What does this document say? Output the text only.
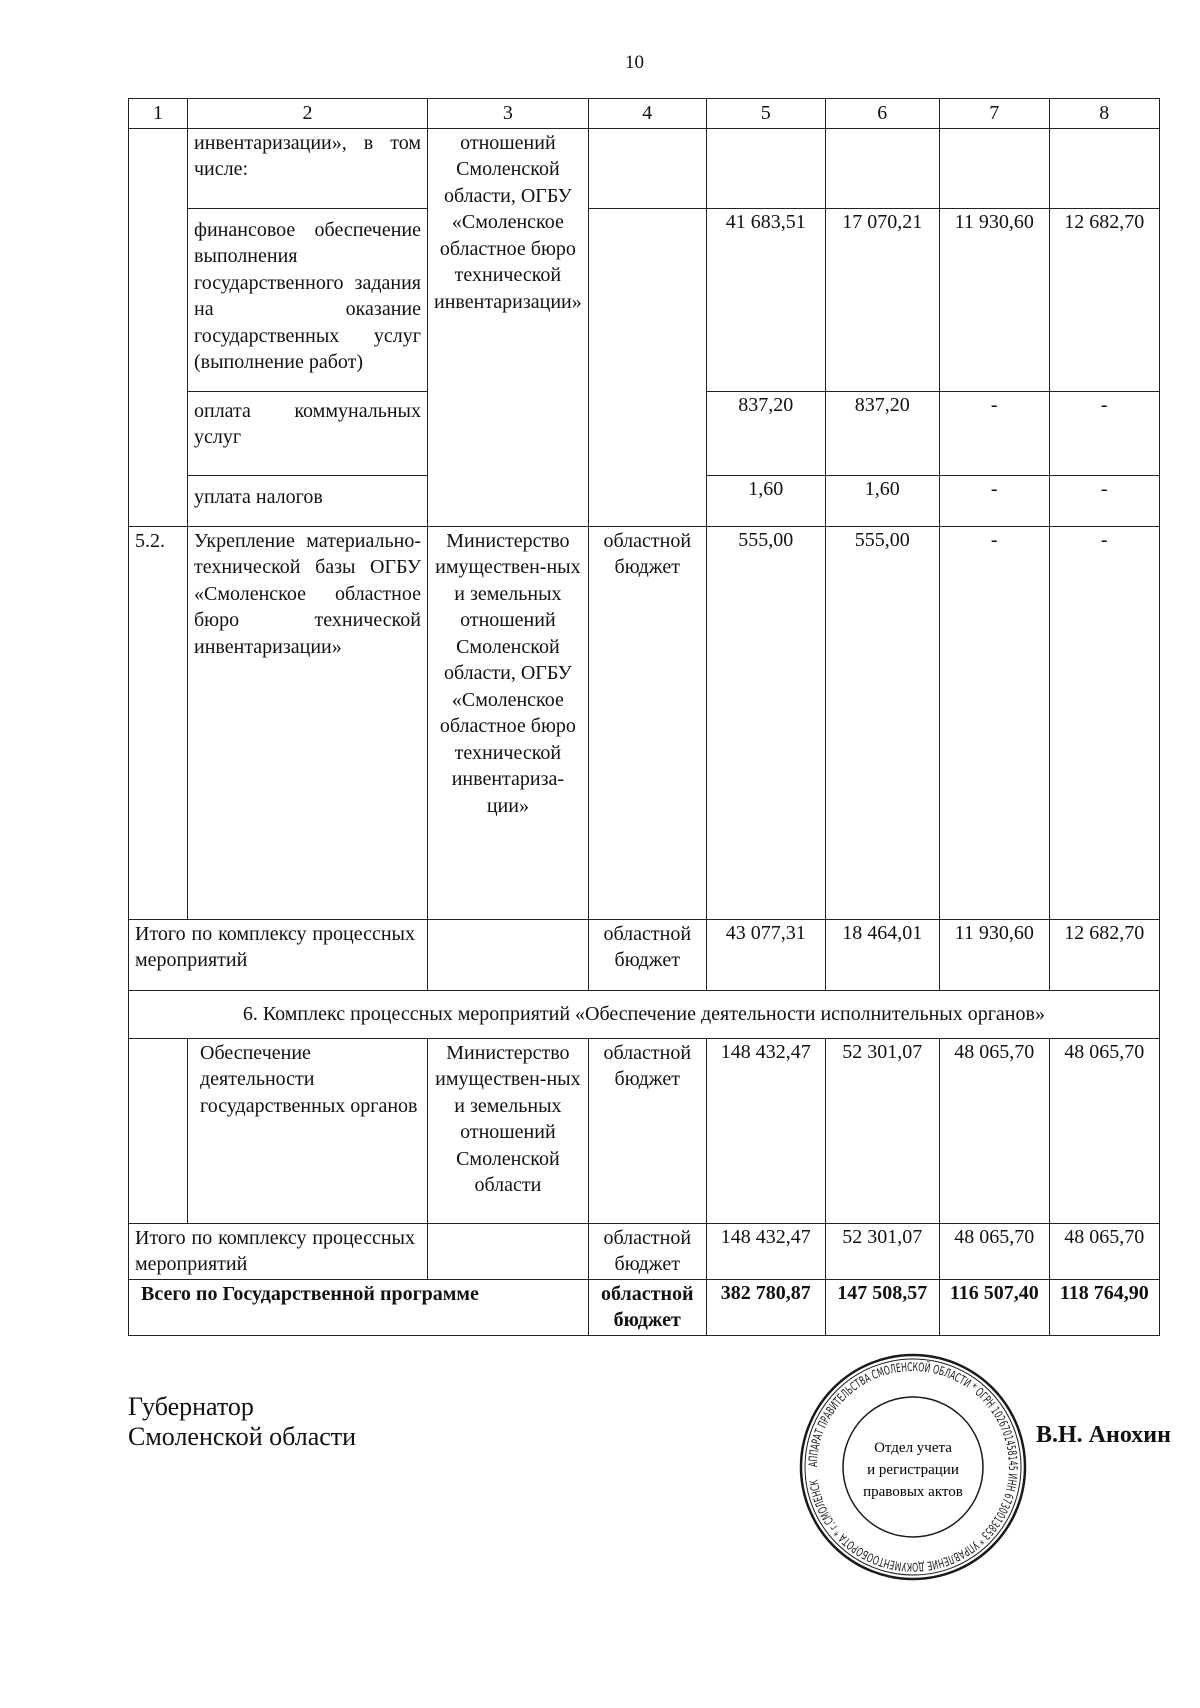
10
1	2	3	4	5	6	7	8
	инвентаризации», в том числе:	отношений Смоленской области, ОГБУ «Смоленское областное бюро технической инвентаризации»					
	финансовое обеспечение выполнения государственного задания на оказание государственных услуг (выполнение работ)			41 683,51	17 070,21	11 930,60	12 682,70
	оплата коммунальных услуг			837,20	837,20	-	-
	уплата налогов			1,60	1,60	-	-
5.2.	Укрепление материально-технической базы ОГБУ «Смоленское областное бюро технической инвентаризации»	Министерство имуществен-ных и земельных отношений Смоленской области, ОГБУ «Смоленское областное бюро технической инвентариза-ции»	областной бюджет	555,00	555,00	-	-
Итого по комплексу процессных мероприятий			областной бюджет	43 077,31	18 464,01	11 930,60	12 682,70
6. Комплекс процессных мероприятий «Обеспечение деятельности исполнительных органов»							
	Обеспечение деятельности государственных органов	Министерство имуществен-ных и земельных отношений Смоленской области	областной бюджет	148 432,47	52 301,07	48 065,70	48 065,70
Итого по комплексу процессных мероприятий			областной бюджет	148 432,47	52 301,07	48 065,70	48 065,70
Всего по Государственной программе			областной бюджет	382 780,87	147 508,57	116 507,40	118 764,90
Губернатор
Смоленской области
АППАРАТ ПРАВИТЕЛЬСТВА СМОЛЕНСКОЙ ОБЛАСТИ * ОГРН 1026701458145 ИНН 6730013853 * УПРАВЛЕНИЕ ДОКУМЕНТООБОРОТА * г.СМОЛЕНСК
Отдел учета
и регистрации
правовых актов
В.Н. Анохин
